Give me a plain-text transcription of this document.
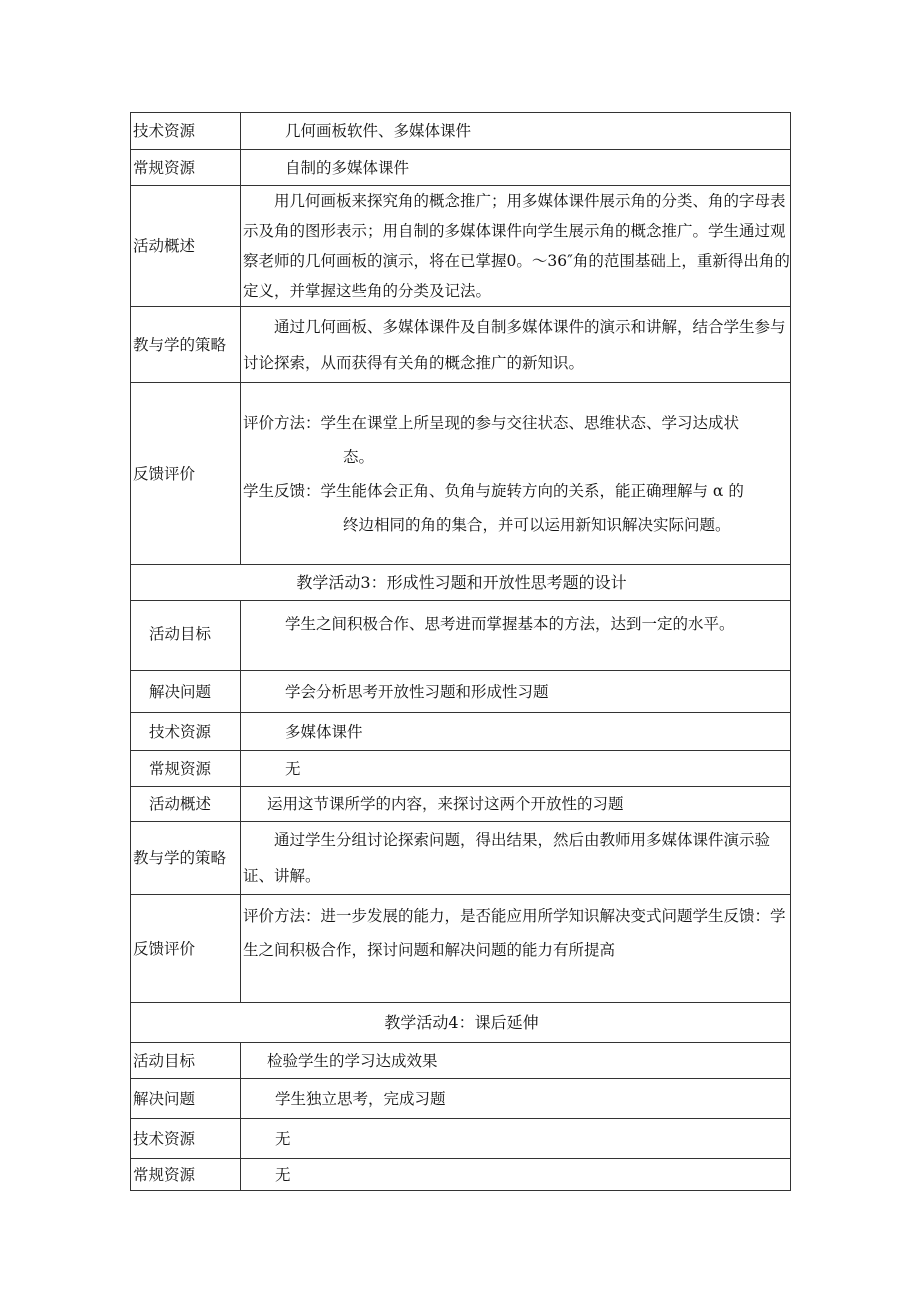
技术资源	几何画板软件、多媒体课件
常规资源	自制的多媒体课件
活动概述	用几何画板来探究角的概念推广；用多媒体课件展示角的分类、角的字母表示及角的图形表示；用自制的多媒体课件向学生展示角的概念推广。学生通过观察老师的几何画板的演示，将在已掌握0。～36″角的范围基础上，重新得出角的定义，并掌握这些角的分类及记法。

教与学的策略	通过几何画板、多媒体课件及自制多媒体课件的演示和讲解，结合学生参与讨论探索，从而获得有关角的概念推广的新知识。

反馈评价	评价方法：学生在课堂上所呈现的参与交往状态、思维状态、学习达成状
态。
学生反馈：学生能体会正角、负角与旋转方向的关系，能正确理解与 α 的
终边相同的角的集合，并可以运用新知识解决实际问题。

教学活动3：形成性习题和开放性思考题的设计	
活动目标	学生之间积极合作、思考进而掌握基本的方法，达到一定的水平。
解决问题	学会分析思考开放性习题和形成性习题
技术资源	多媒体课件
常规资源	无
活动概述	运用这节课所学的内容，来探讨这两个开放性的习题
教与学的策略	通过学生分组讨论探索问题，得出结果，然后由教师用多媒体课件演示验证、讲解。

反馈评价	评价方法：进一步发展的能力，是否能应用所学知识解决变式问题学生反馈：学生之间积极合作，探讨问题和解决问题的能力有所提高
教学活动4：课后延伸	
活动目标	检验学生的学习达成效果
解决问题	学生独立思考，完成习题
技术资源	无
常规资源	无
